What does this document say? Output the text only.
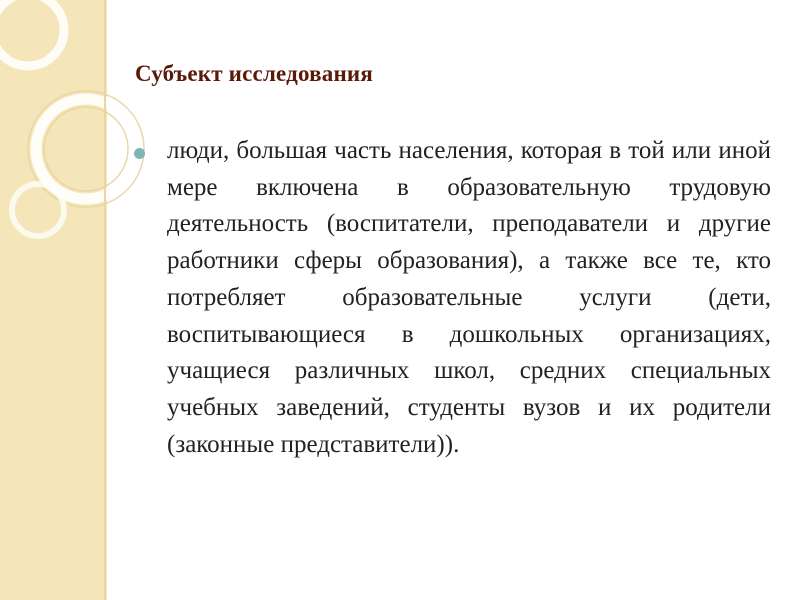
Субъект исследования

люди, большая часть населения, которая в той или иной мере включена в образовательную трудовую деятельность (воспитатели, преподаватели и другие работники сферы образования), а также все те, кто потребляет образовательные услуги (дети, воспитывающиеся в дошкольных организациях, учащиеся различных школ, средних специальных учебных заведений, студенты вузов и их родители (законные представители)).
